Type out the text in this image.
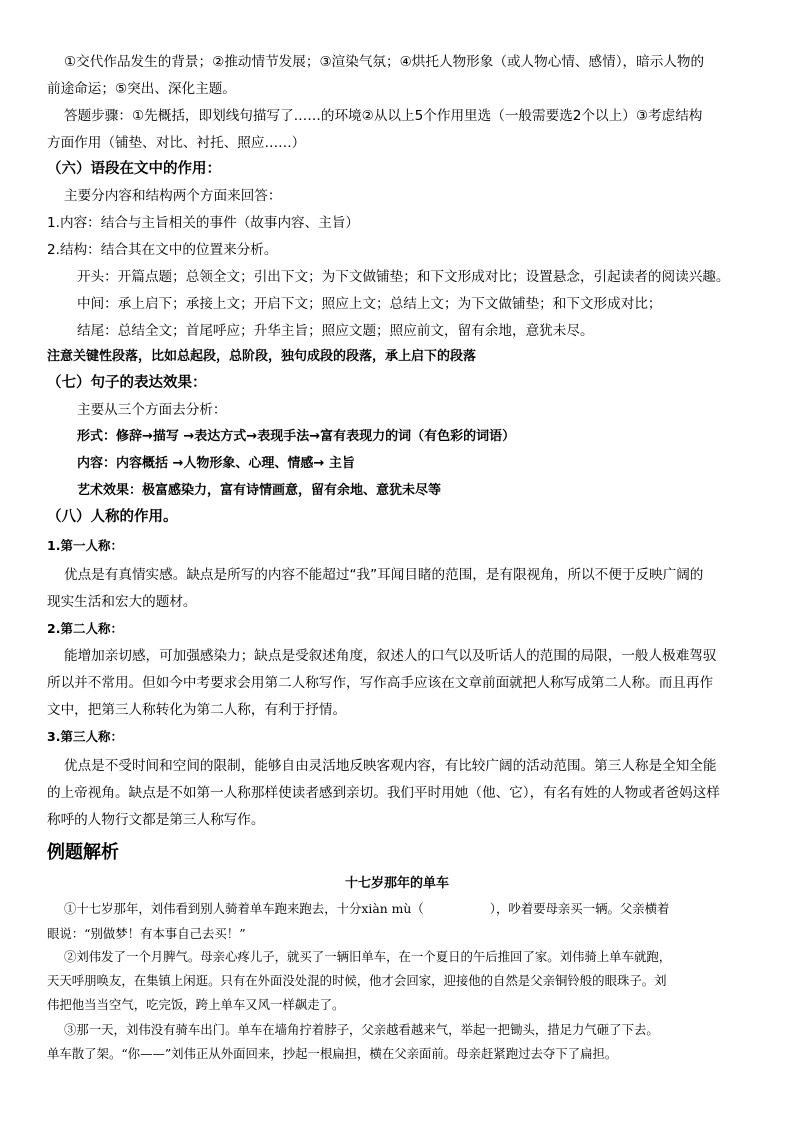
①交代作品发生的背景；②推动情节发展；③渲染气氛；④烘托人物形象（或人物心情、感情），暗示人物的
前途命运；⑤突出、深化主题。
答题步骤：①先概括，即划线句描写了……的环境②从以上5个作用里选（一般需要选2个以上）③考虑结构
方面作用（铺垫、对比、衬托、照应……）
（六）语段在文中的作用：
主要分内容和结构两个方面来回答：
1.内容：结合与主旨相关的事件（故事内容、主旨）
2.结构：结合其在文中的位置来分析。
开头：开篇点题；总领全文；引出下文；为下文做铺垫；和下文形成对比；设置悬念，引起读者的阅读兴趣。
中间：承上启下；承接上文；开启下文；照应上文；总结上文；为下文做铺垫；和下文形成对比；
结尾：总结全文；首尾呼应；升华主旨；照应文题；照应前文，留有余地，意犹未尽。
注意关键性段落，比如总起段，总阶段，独句成段的段落，承上启下的段落
（七）句子的表达效果：
主要从三个方面去分析：
形式：修辞→描写 →表达方式→表现手法→富有表现力的词（有色彩的词语）
内容：内容概括 →人物形象、心理、情感→ 主旨
艺术效果：极富感染力，富有诗情画意，留有余地、意犹未尽等
（八）人称的作用。
1.第一人称：
优点是有真情实感。缺点是所写的内容不能超过“我”耳闻目睹的范围，是有限视角，所以不便于反映广阔的
现实生活和宏大的题材。
2.第二人称：
能增加亲切感，可加强感染力；缺点是受叙述角度，叙述人的口气以及听话人的范围的局限，一般人极难驾驭
所以并不常用。但如今中考要求会用第二人称写作，写作高手应该在文章前面就把人称写成第二人称。而且再作
文中，把第三人称转化为第二人称，有利于抒情。
3.第三人称：
优点是不受时间和空间的限制，能够自由灵活地反映客观内容，有比较广阔的活动范围。第三人称是全知全能
的上帝视角。缺点是不如第一人称那样使读者感到亲切。我们平时用她（他、它），有名有姓的人物或者爸妈这样
称呼的人物行文都是第三人称写作。
例题解析
十七岁那年的单车
①十七岁那年，刘伟看到别人骑着单车跑来跑去，十分xiàn mù（	），吵着要母亲买一辆。父亲横着
眼说：“别做梦！有本事自己去买！”
②刘伟发了一个月脾气。母亲心疼儿子，就买了一辆旧单车，在一个夏日的午后推回了家。刘伟骑上单车就跑，
天天呼朋唤友，在集镇上闲逛。只有在外面没处混的时候，他才会回家，迎接他的自然是父亲铜铃般的眼珠子。刘
伟把他当当空气，吃完饭，跨上单车又风一样飙走了。
③那一天，刘伟没有骑车出门。单车在墙角拧着脖子，父亲越看越来气，举起一把锄头，措足力气砸了下去。
单车散了架。“你——”刘伟正从外面回来，抄起一根扁担，横在父亲面前。母亲赶紧跑过去夺下了扁担。
